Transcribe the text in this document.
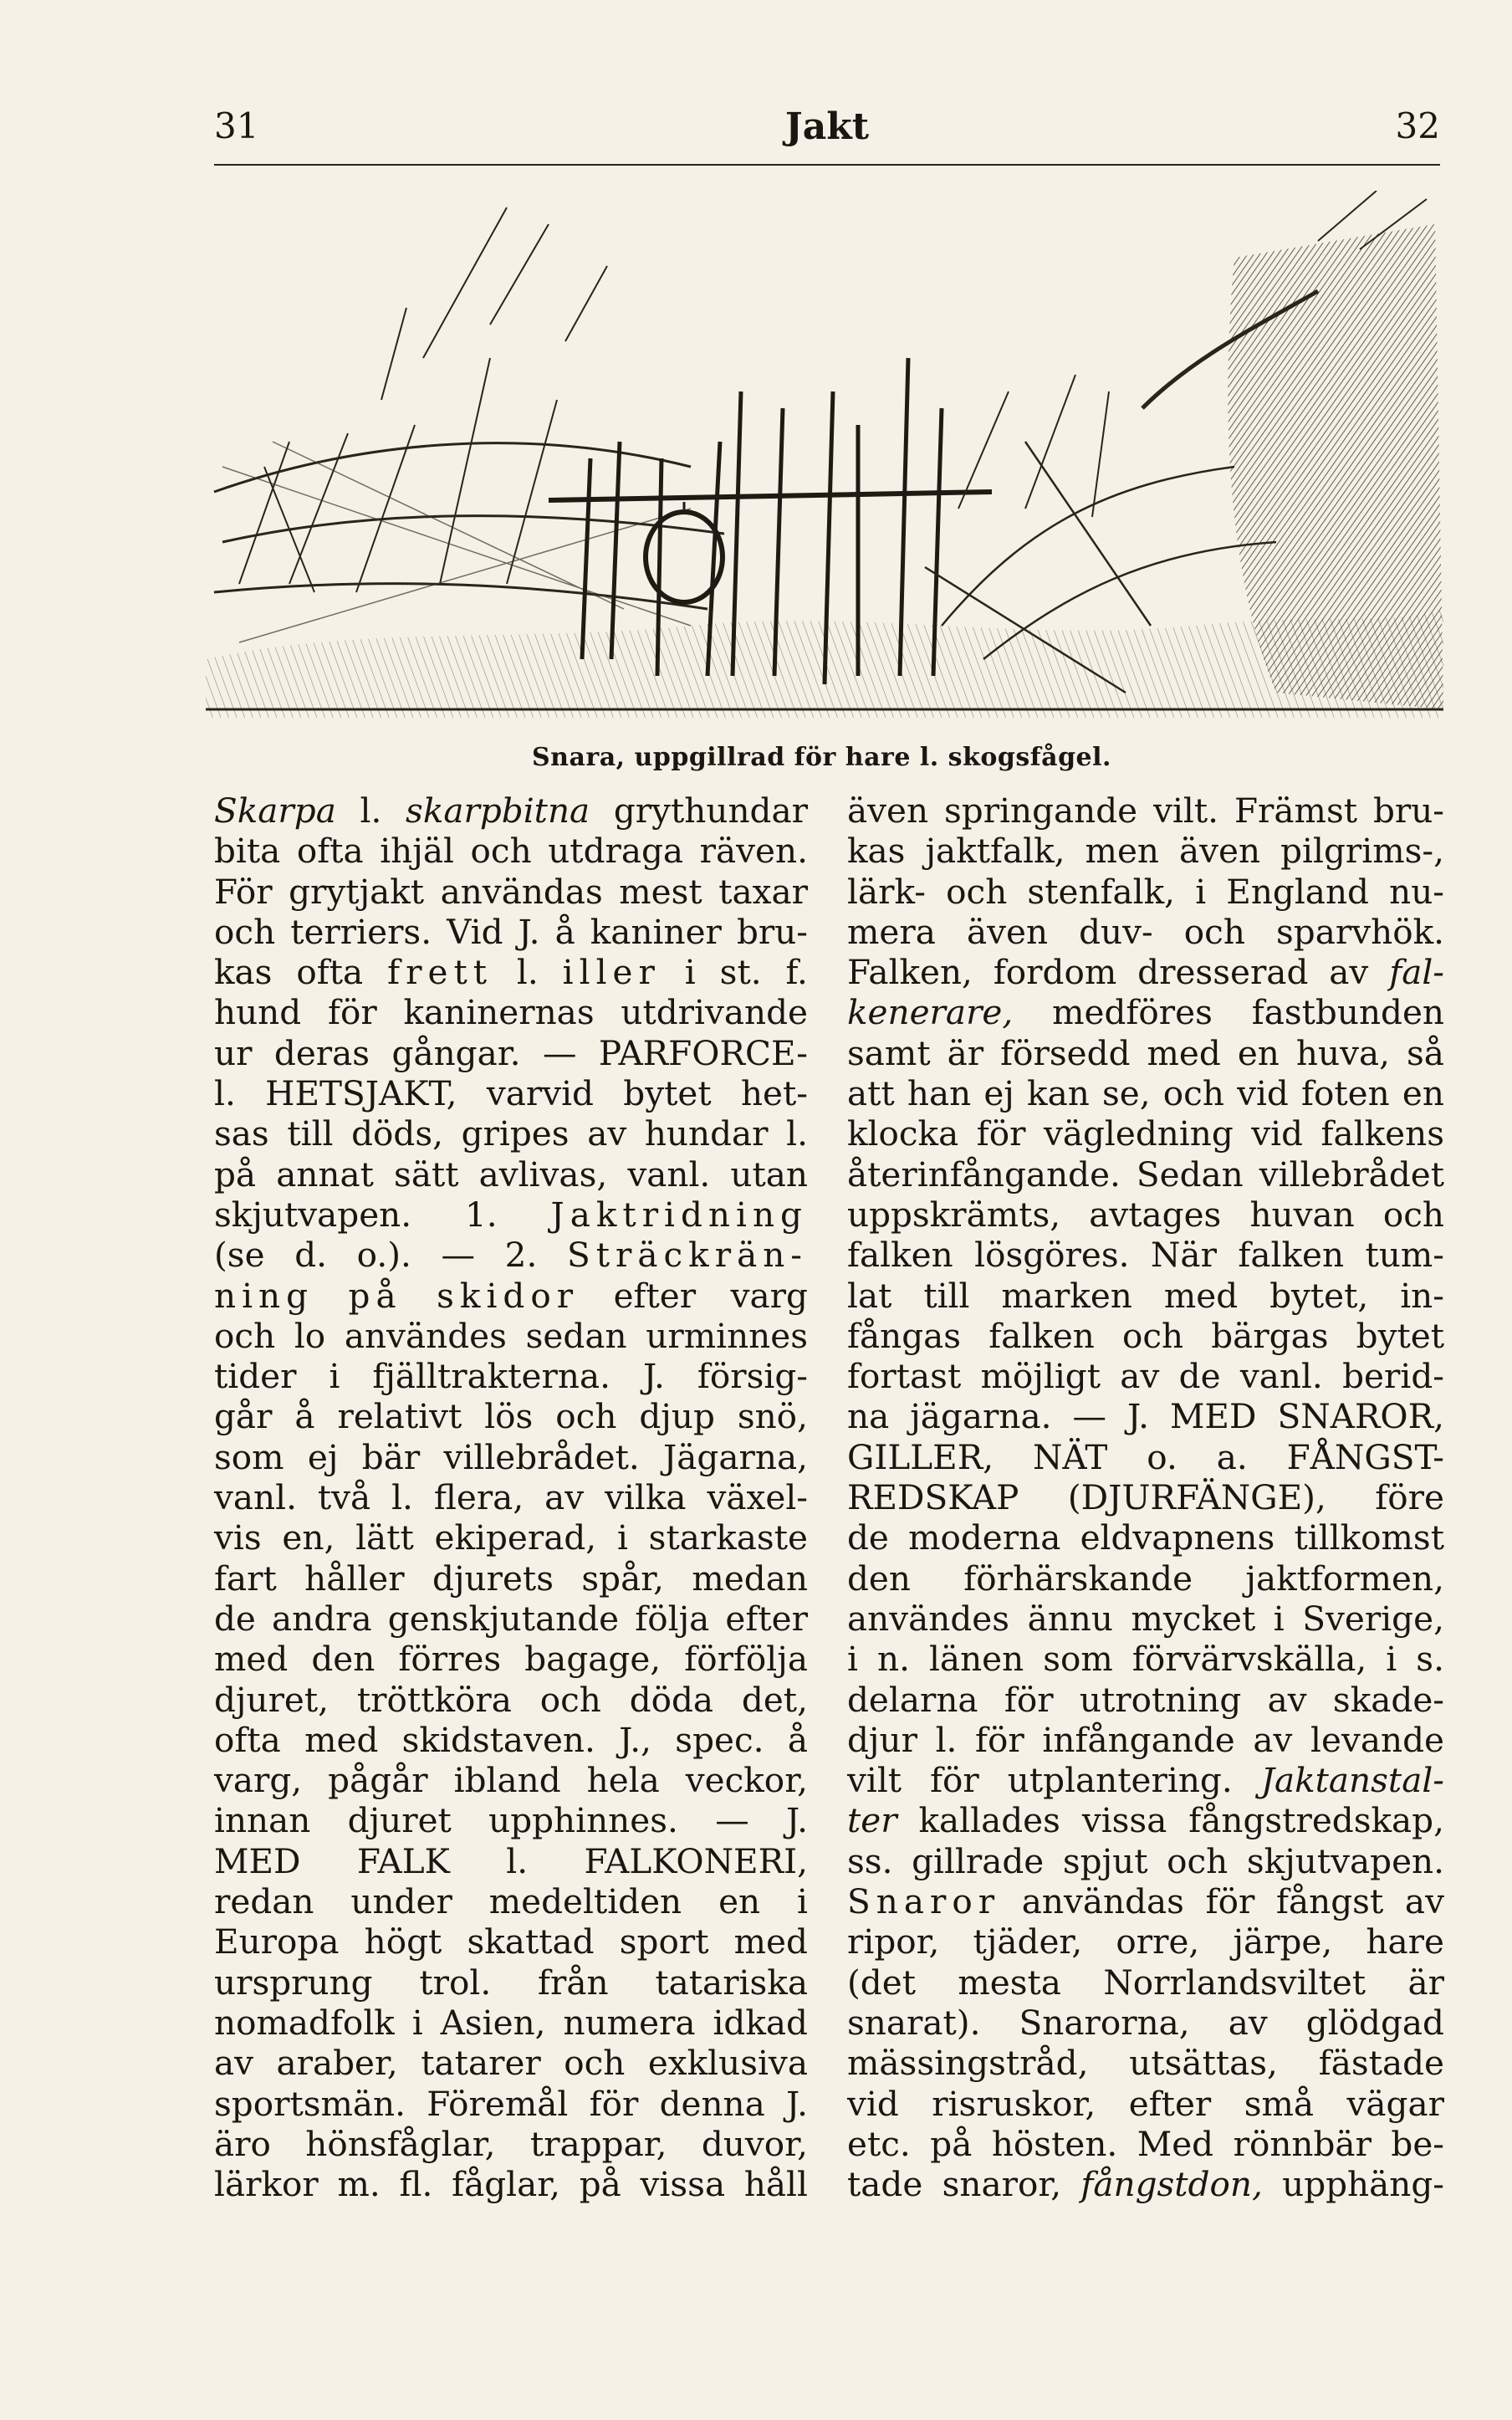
31	Jakt	32
Snara, uppgillrad för hare l. skogsfågel.
Skarpa l. skarpbitna grythundar
bita ofta ihjäl och utdraga räven.
För grytjakt användas mest taxar
och terriers. Vid J. å kaniner bru-
kas ofta frett l. iller i st. f.
hund för kaninernas utdrivande
ur deras gångar. — PARFORCE-
l. HETSJAKT, varvid bytet het-
sas till döds, gripes av hundar l.
på annat sätt avlivas, vanl. utan
skjutvapen. 1. Jaktridning
(se d. o.). — 2. Sträckrän-
ning på skidor efter varg
och lo användes sedan urminnes
tider i fjälltrakterna. J. försig-
går å relativt lös och djup snö,
som ej bär villebrådet. Jägarna,
vanl. två l. flera, av vilka växel-
vis en, lätt ekiperad, i starkaste
fart håller djurets spår, medan
de andra genskjutande följa efter
med den förres bagage, förfölja
djuret, tröttköra och döda det,
ofta med skidstaven. J., spec. å
varg, pågår ibland hela veckor,
innan djuret upphinnes. — J.
MED FALK l. FALKONERI,
redan under medeltiden en i
Europa högt skattad sport med
ursprung trol. från tatariska
nomadfolk i Asien, numera idkad
av araber, tatarer och exklusiva
sportsmän. Föremål för denna J.
äro hönsfåglar, trappar, duvor,
lärkor m. fl. fåglar, på vissa håll
även springande vilt. Främst bru-
kas jaktfalk, men även pilgrims-,
lärk- och stenfalk, i England nu-
mera även duv- och sparvhök.
Falken, fordom dresserad av fal-
kenerare, medföres fastbunden
samt är försedd med en huva, så
att han ej kan se, och vid foten en
klocka för vägledning vid falkens
återinfångande. Sedan villebrådet
uppskrämts, avtages huvan och
falken lösgöres. När falken tum-
lat till marken med bytet, in-
fångas falken och bärgas bytet
fortast möjligt av de vanl. berid-
na jägarna. — J. MED SNAROR,
GILLER, NÄT o. a. FÅNGST-
REDSKAP (DJURFÄNGE), före
de moderna eldvapnens tillkomst
den förhärskande jaktformen,
användes ännu mycket i Sverige,
i n. länen som förvärvskälla, i s.
delarna för utrotning av skade-
djur l. för infångande av levande
vilt för utplantering. Jaktanstal-
ter kallades vissa fångstredskap,
ss. gillrade spjut och skjutvapen.
Snaror användas för fångst av
ripor, tjäder, orre, järpe, hare
(det mesta Norrlandsviltet är
snarat). Snarorna, av glödgad
mässingstråd, utsättas, fästade
vid risruskor, efter små vägar
etc. på hösten. Med rönnbär be-
tade snaror, fångstdon, upphäng-
